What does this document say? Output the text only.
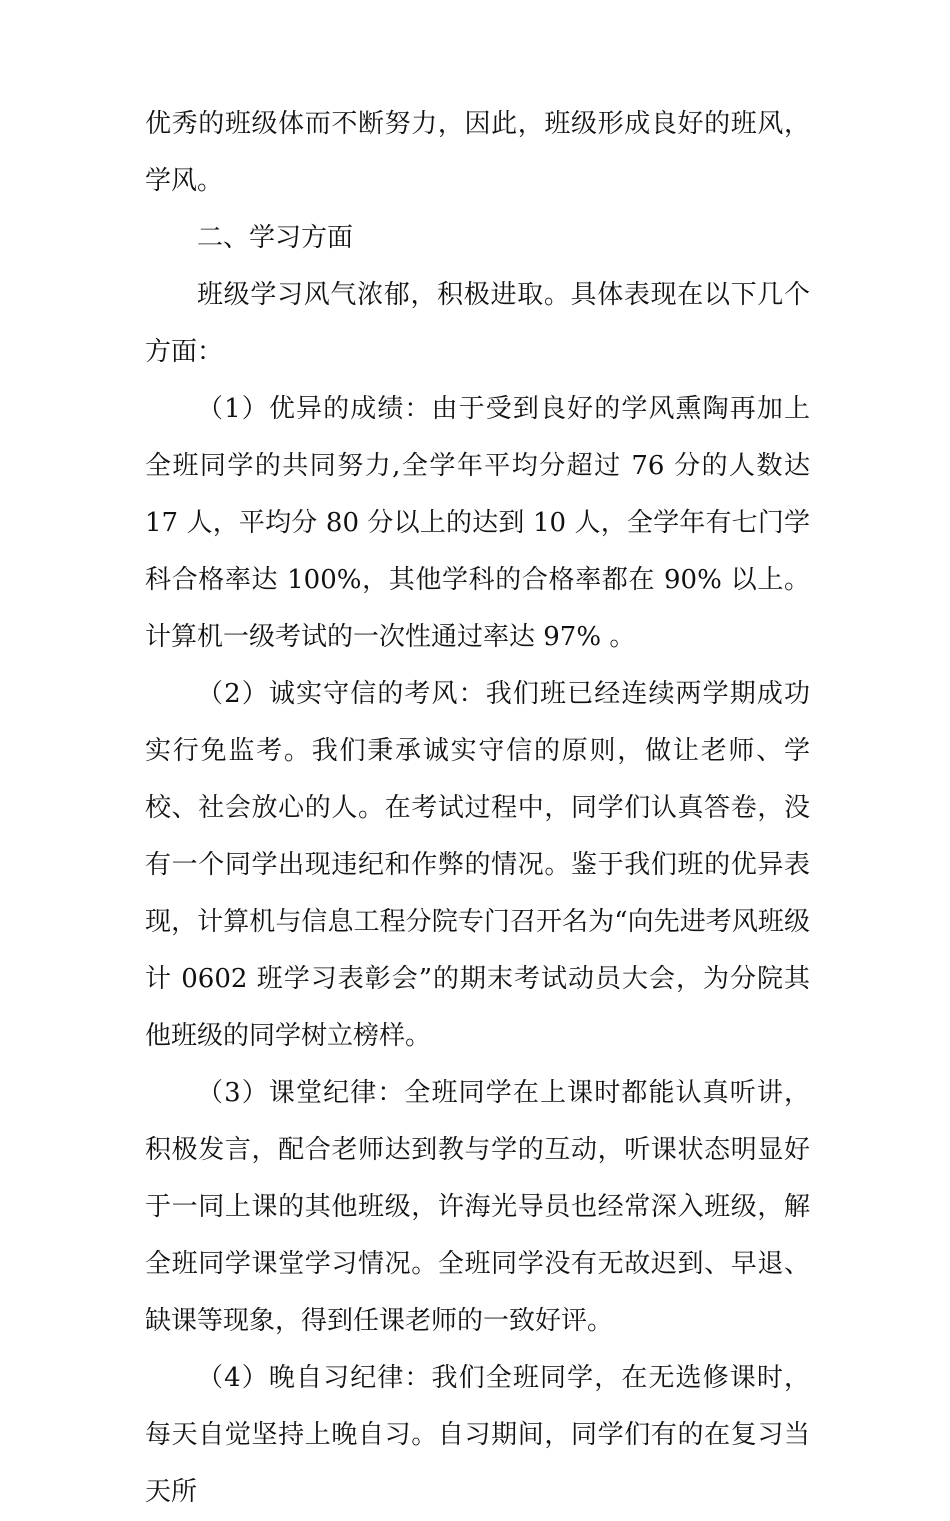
优秀的班级体而不断努力，因此，班级形成良好的班风，学风。

二、学习方面

班级学习风气浓郁，积极进取。具体表现在以下几个方面：

（1）优异的成绩：由于受到良好的学风熏陶再加上全班同学的共同努力,全学年平均分超过 76 分的人数达 17 人，平均分 80 分以上的达到 10 人，全学年有七门学科合格率达 100%，其他学科的合格率都在 90% 以上。计算机一级考试的一次性通过率达 97% 。

（2）诚实守信的考风：我们班已经连续两学期成功实行免监考。我们秉承诚实守信的原则，做让老师、学校、社会放心的人。在考试过程中，同学们认真答卷，没有一个同学出现违纪和作弊的情况。鉴于我们班的优异表现，计算机与信息工程分院专门召开名为“向先进考风班级计 0602 班学习表彰会”的期末考试动员大会，为分院其他班级的同学树立榜样。

（3）课堂纪律：全班同学在上课时都能认真听讲，积极发言，配合老师达到教与学的互动，听课状态明显好于一同上课的其他班级，许海光导员也经常深入班级，解全班同学课堂学习情况。全班同学没有无故迟到、早退、缺课等现象，得到任课老师的一致好评。

（4）晚自习纪律：我们全班同学，在无选修课时，每天自觉坚持上晚自习。自习期间，同学们有的在复习当天所
